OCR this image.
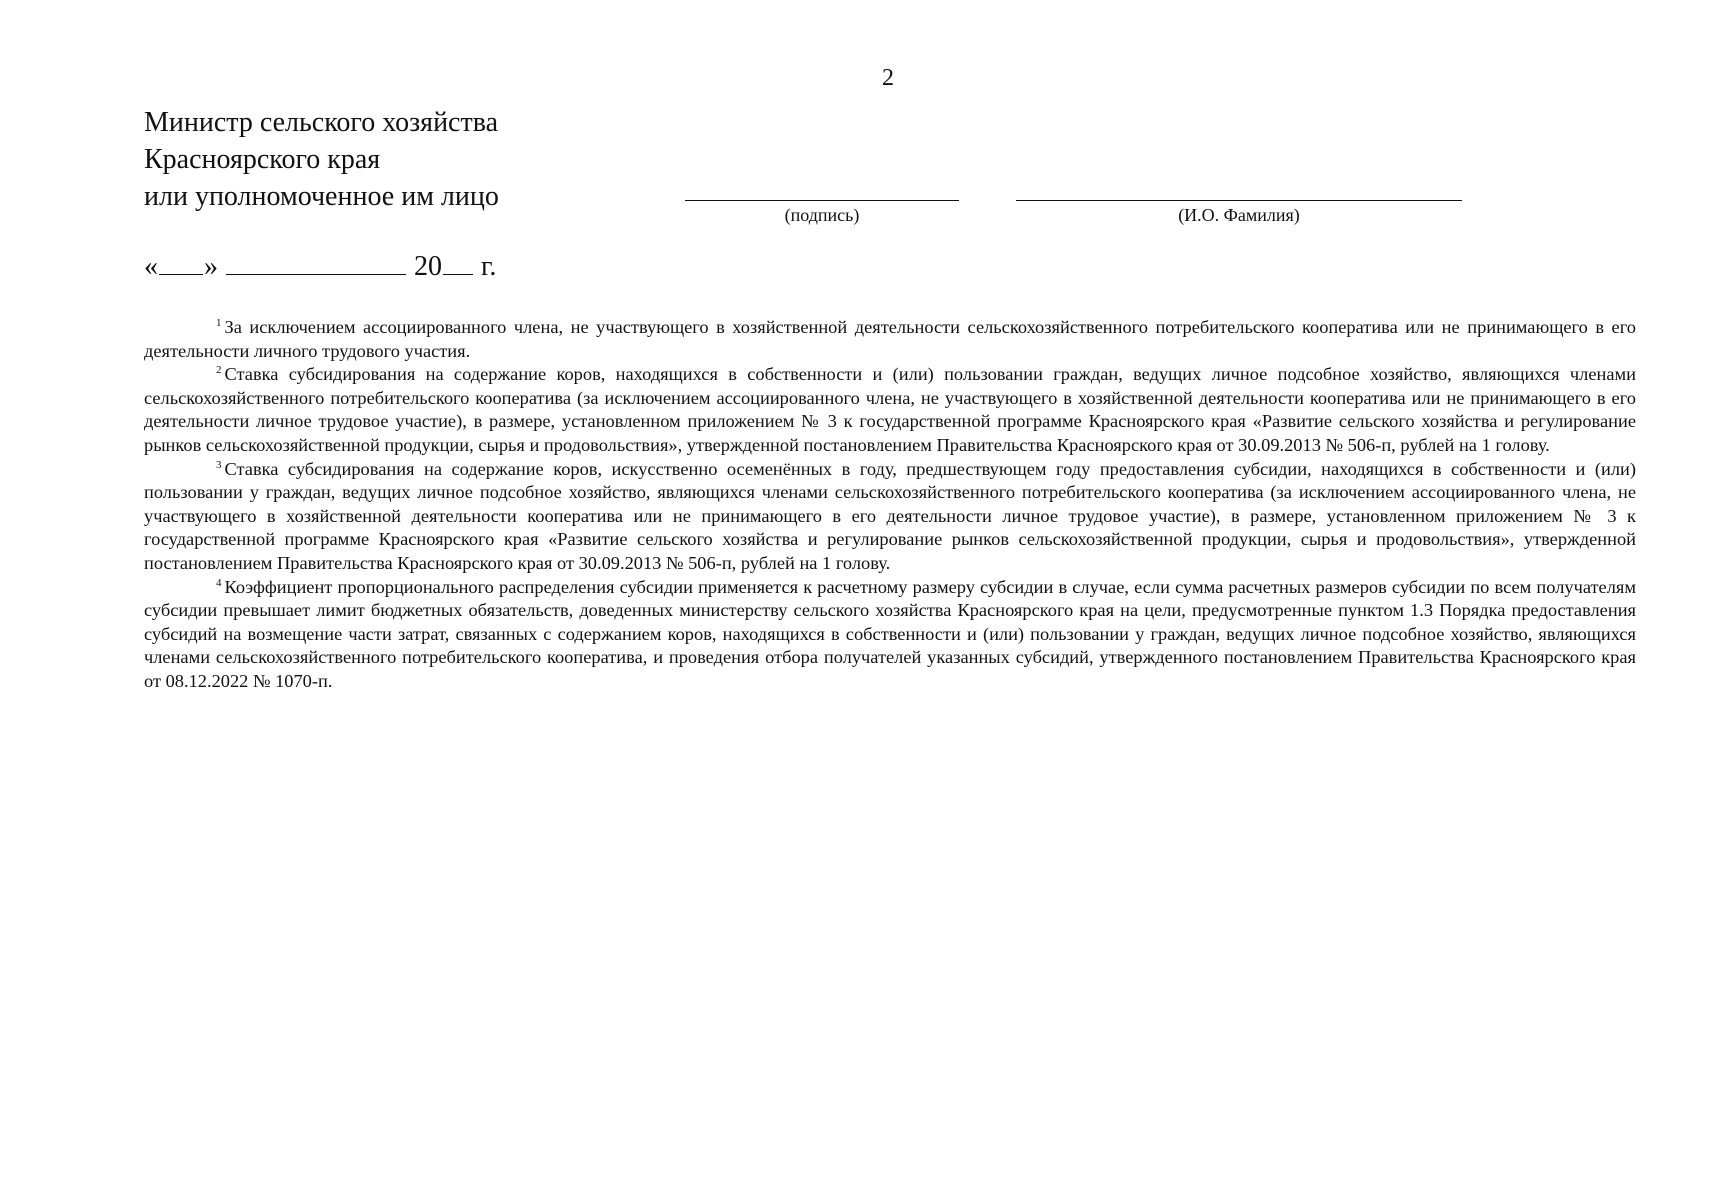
2
Министр сельского хозяйства
Красноярского края
или уполномоченное им лицо
(подпись)	(И.О. Фамилия)
« »	20 г.

$^1$ За исключением ассоциированного члена, не участвующего в хозяйственной деятельности сельскохозяйственного потребительского кооператива или не принимающего в его деятельности личного трудового участия.

$^2$ Ставка субсидирования на содержание коров, находящихся в собственности и (или) пользовании граждан, ведущих личное подсобное хозяйство, являющихся членами сельскохозяйственного потребительского кооператива (за исключением ассоциированного члена, не участвующего в хозяйственной деятельности кооператива или не принимающего в его деятельности личное трудовое участие), в размере, установленном приложением № 3 к государственной программе Красноярского края «Развитие сельского хозяйства и регулирование рынков сельскохозяйственной продукции, сырья и продовольствия», утвержденной постановлением Правительства Красноярского края от 30.09.2013 № 506-п, рублей на 1 голову.

$^3$ Ставка субсидирования на содержание коров, искусственно осеменённых в году, предшествующем году предоставления субсидии, находящихся в собственности и (или) пользовании у граждан, ведущих личное подсобное хозяйство, являющихся членами сельскохозяйственного потребительского кооператива (за исключением ассоциированного члена, не участвующего в хозяйственной деятельности кооператива или не принимающего в его деятельности личное трудовое участие), в размере, установленном приложением № 3 к государственной программе Красноярского края «Развитие сельского хозяйства и регулирование рынков сельскохозяйственной продукции, сырья и продовольствия», утвержденной постановлением Правительства Красноярского края от 30.09.2013 № 506-п, рублей на 1 голову.

$^4$ Коэффициент пропорционального распределения субсидии применяется к расчетному размеру субсидии в случае, если сумма расчетных размеров субсидии по всем получателям субсидии превышает лимит бюджетных обязательств, доведенных министерству сельского хозяйства Красноярского края на цели, предусмотренные пунктом 1.3 Порядка предоставления субсидий на возмещение части затрат, связанных с содержанием коров, находящихся в собственности и (или) пользовании у граждан, ведущих личное подсобное хозяйство, являющихся членами сельскохозяйственного потребительского кооператива, и проведения отбора получателей указанных субсидий, утвержденного постановлением Правительства Красноярского края от 08.12.2022 № 1070-п.
